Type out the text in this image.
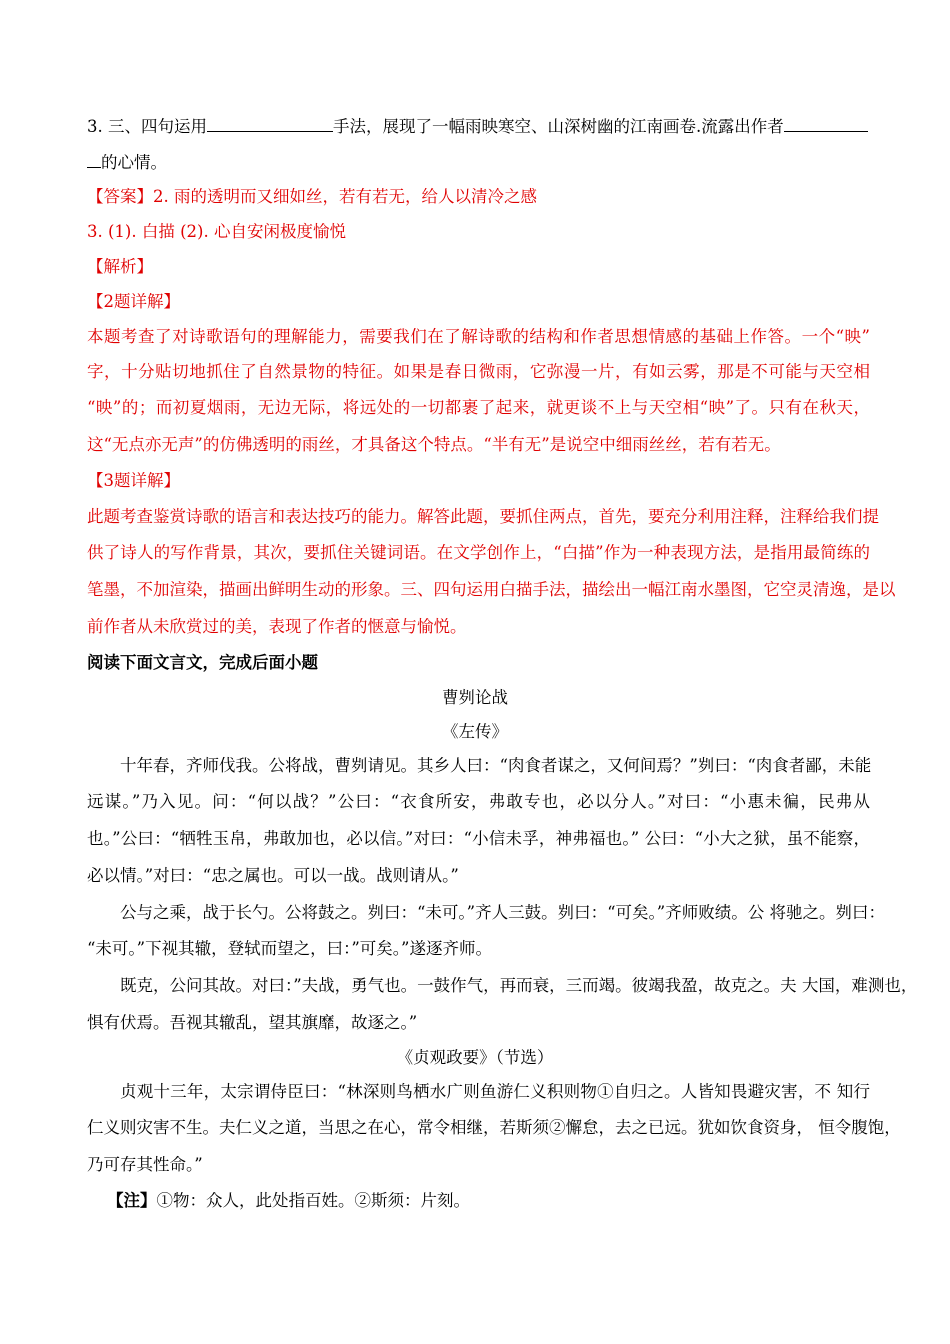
3. 三、四句运用	手法，展现了一幅雨映寒空、山深树幽的江南画卷.流露出作者
的心情。
【答案】2. 雨的透明而又细如丝，若有若无，给人以清冷之感
3. (1). 白描 (2). 心自安闲极度愉悦
【解析】
【2题详解】
本题考查了对诗歌语句的理解能力，需要我们在了解诗歌的结构和作者思想情感的基础上作答。一个“映”
字，十分贴切地抓住了自然景物的特征。如果是春日微雨，它弥漫一片，有如云雾，那是不可能与天空相
“映”的；而初夏烟雨，无边无际，将远处的一切都裹了起来，就更谈不上与天空相“映”了。只有在秋天，
这“无点亦无声”的仿佛透明的雨丝，才具备这个特点。“半有无”是说空中细雨丝丝，若有若无。
【3题详解】
此题考查鉴赏诗歌的语言和表达技巧的能力。解答此题，要抓住两点，首先，要充分利用注释，注释给我们提
供了诗人的写作背景，其次，要抓住关键词语。在文学创作上，“白描”作为一种表现方法，是指用最简练的
笔墨，不加渲染，描画出鲜明生动的形象。三、四句运用白描手法，描绘出一幅江南水墨图，它空灵清逸，是以
前作者从未欣赏过的美，表现了作者的惬意与愉悦。
阅读下面文言文，完成后面小题
曹刿论战
《左传》
十年春，齐师伐我。公将战，曹刿请见。其乡人曰：“肉食者谋之，又何间焉？”刿曰：“肉食者鄙，未能
远谋。”乃入见。问：“何以战？”公曰：“衣食所安，弗敢专也，必以分人。”对曰：“小惠未徧，民弗从
也。”公曰：“牺牲玉帛，弗敢加也，必以信。”对曰：“小信未孚，神弗福也。” 公曰：“小大之狱，虽不能察，
必以情。”对曰：“忠之属也。可以一战。战则请从。”
公与之乘，战于长勺。公将鼓之。刿曰：“未可。”齐人三鼓。刿曰：“可矣。”齐师败绩。公 将驰之。刿曰：
“未可。”下视其辙，登轼而望之，曰：”可矣。”遂逐齐师。
既克，公问其故。对曰：”夫战，勇气也。一鼓作气，再而衰，三而竭。彼竭我盈，故克之。夫 大国，难测也，
惧有伏焉。吾视其辙乱，望其旗靡，故逐之。”
《贞观政要》（节选）
贞观十三年，太宗谓侍臣曰：“林深则鸟栖水广则鱼游仁义积则物①自归之。人皆知畏避灾害，不 知行
仁义则灾害不生。夫仁义之道，当思之在心，常令相继，若斯须②懈怠，去之已远。犹如饮食资身， 恒令腹饱，
乃可存其性命。”
【注】①物：众人，此处指百姓。②斯须：片刻。
